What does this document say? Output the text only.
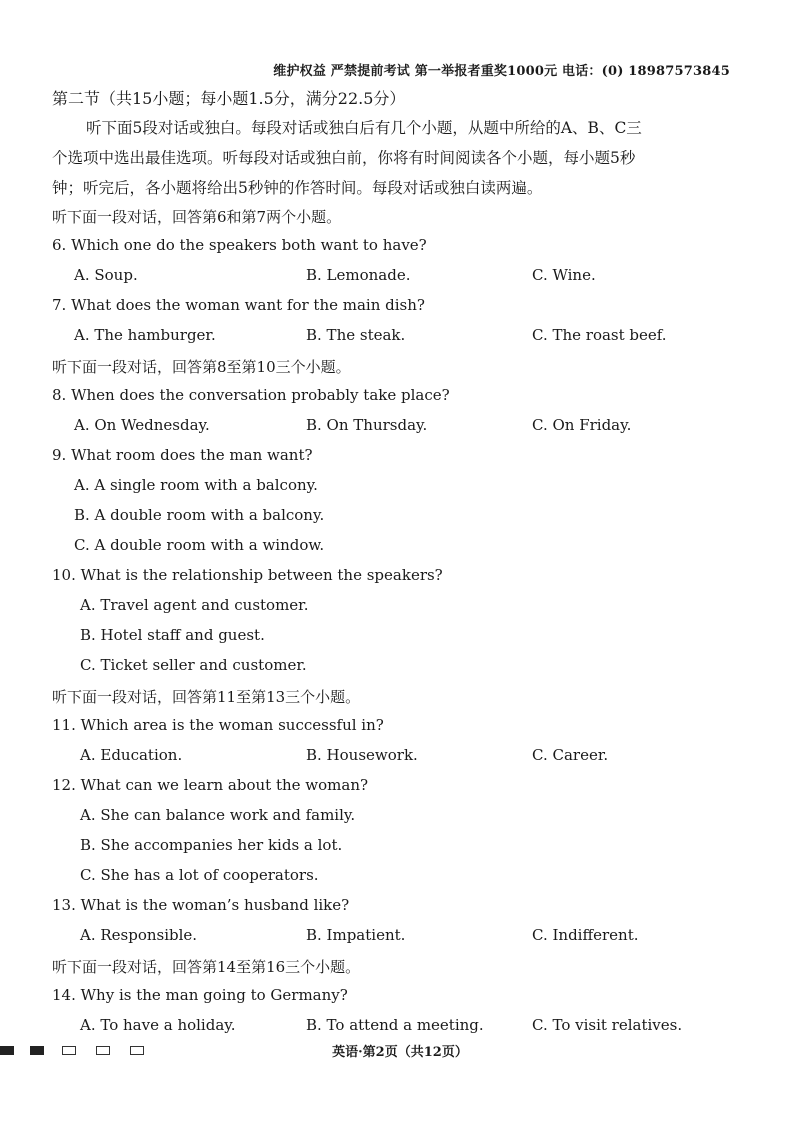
维护权益 严禁提前考试 第一举报者重奖1000元 电话：(0) 18987573845
第二节（共15小题；每小题1.5分，满分22.5分）
听下面5段对话或独白。每段对话或独白后有几个小题，从题中所给的A、B、C三
个选项中选出最佳选项。听每段对话或独白前，你将有时间阅读各个小题，每小题5秒
钟；听完后，各小题将给出5秒钟的作答时间。每段对话或独白读两遍。
听下面一段对话，回答第6和第7两个小题。
6. Which one do the speakers both want to have?
A. Soup.	B. Lemonade.	C. Wine.
7. What does the woman want for the main dish?
A. The hamburger.	B. The steak.	C. The roast beef.
听下面一段对话，回答第8至第10三个小题。
8. When does the conversation probably take place?
A. On Wednesday.	B. On Thursday.	C. On Friday.
9. What room does the man want?
A. A single room with a balcony.
B. A double room with a balcony.
C. A double room with a window.
10. What is the relationship between the speakers?
A. Travel agent and customer.
B. Hotel staff and guest.
C. Ticket seller and customer.
听下面一段对话，回答第11至第13三个小题。
11. Which area is the woman successful in?
A. Education.	B. Housework.	C. Career.
12. What can we learn about the woman?
A. She can balance work and family.
B. She accompanies her kids a lot.
C. She has a lot of cooperators.
13. What is the woman’s husband like?
A. Responsible.	B. Impatient.	C. Indifferent.
听下面一段对话，回答第14至第16三个小题。
14. Why is the man going to Germany?
A. To have a holiday.	B. To attend a meeting.	C. To visit relatives.
英语·第2页（共12页）
